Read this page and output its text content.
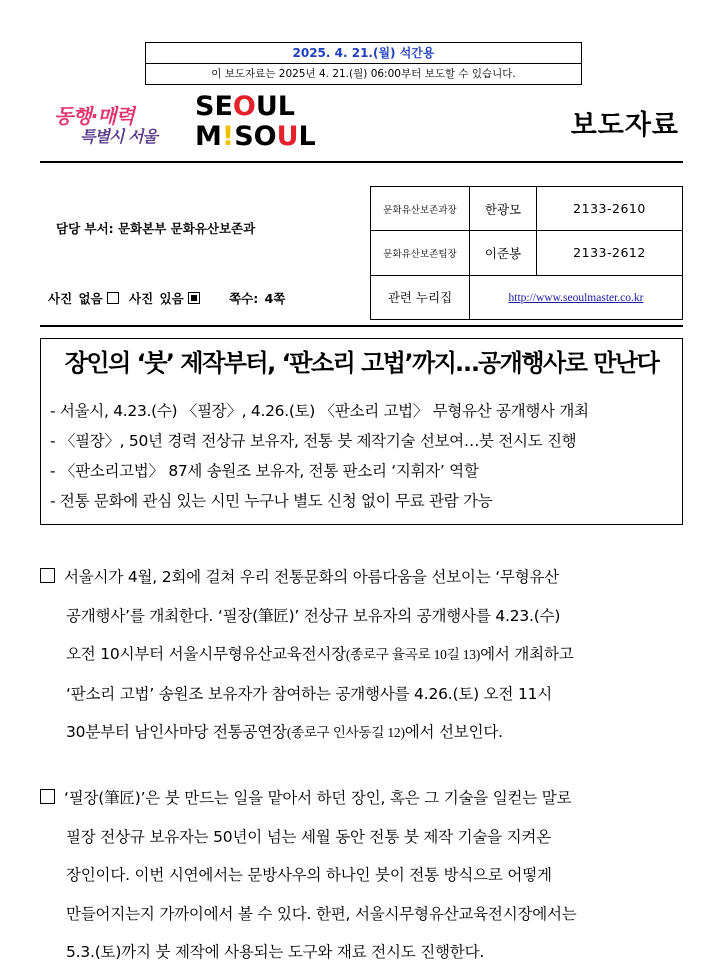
2025. 4. 21.(월) 석간용
이 보도자료는 2025년 4. 21.(월) 06:00부터 보도할 수 있습니다.
동행·매력
특별시 서울
SEOUL
M!SOUL	보도자료
담당 부서: 문화본부 문화유산보존과
사진 없음 사진 있음	쪽수: 4쪽
문화유산보존과장	한광모	2133-2610
문화유산보존팀장	이준봉	2133-2612
관련 누리집	http://www.seoulmaster.co.kr	
장인의 ‘붓’ 제작부터, ‘판소리 고법’까지…공개행사로 만난다
- 서울시, 4.23.(수) 〈필장〉, 4.26.(토) 〈판소리 고법〉 무형유산 공개행사 개최
- 〈필장〉, 50년 경력 전상규 보유자, 전통 붓 제작기술 선보여…붓 전시도 진행
- 〈판소리고법〉 87세 송원조 보유자, 전통 판소리 ‘지휘자’ 역할
- 전통 문화에 관심 있는 시민 누구나 별도 신청 없이 무료 관람 가능
서울시가 4월, 2회에 걸쳐 우리 전통문화의 아름다움을 선보이는 ‘무형유산
공개행사’를 개최한다. ‘필장(筆匠)’ 전상규 보유자의 공개행사를 4.23.(수)
오전 10시부터 서울시무형유산교육전시장(종로구 율곡로 10길 13)에서 개최하고
‘판소리 고법’ 송원조 보유자가 참여하는 공개행사를 4.26.(토) 오전 11시
30분부터 남인사마당 전통공연장(종로구 인사동길 12)에서 선보인다.
‘필장(筆匠)’은 붓 만드는 일을 맡아서 하던 장인, 혹은 그 기술을 일컫는 말로
필장 전상규 보유자는 50년이 넘는 세월 동안 전통 붓 제작 기술을 지켜온
장인이다. 이번 시연에서는 문방사우의 하나인 붓이 전통 방식으로 어떻게
만들어지는지 가까이에서 볼 수 있다. 한편, 서울시무형유산교육전시장에서는
5.3.(토)까지 붓 제작에 사용되는 도구와 재료 전시도 진행한다.
